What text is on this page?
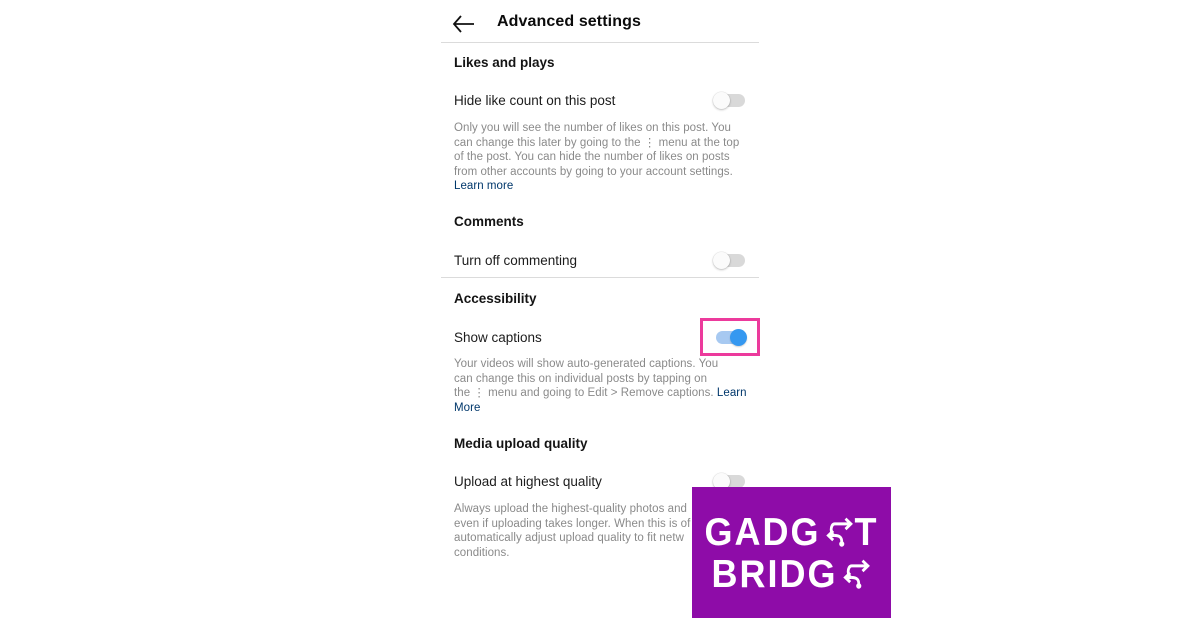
Advanced settings
Likes and plays
Hide like count on this post
Only you will see the number of likes on this post. You
can change this later by going to the ⋮ menu at the top
of the post. You can hide the number of likes on posts
from other accounts by going to your account settings.
Learn more
Comments
Turn off commenting
Accessibility
Show captions
Your videos will show auto-generated captions. You
can change this on individual posts by tapping on
the ⋮ menu and going to Edit > Remove captions. Learn
More
Media upload quality
Upload at highest quality
Always upload the highest-quality photos and
even if uploading takes longer. When this is of
automatically adjust upload quality to fit netw
conditions.	GADG T
BRIDG
